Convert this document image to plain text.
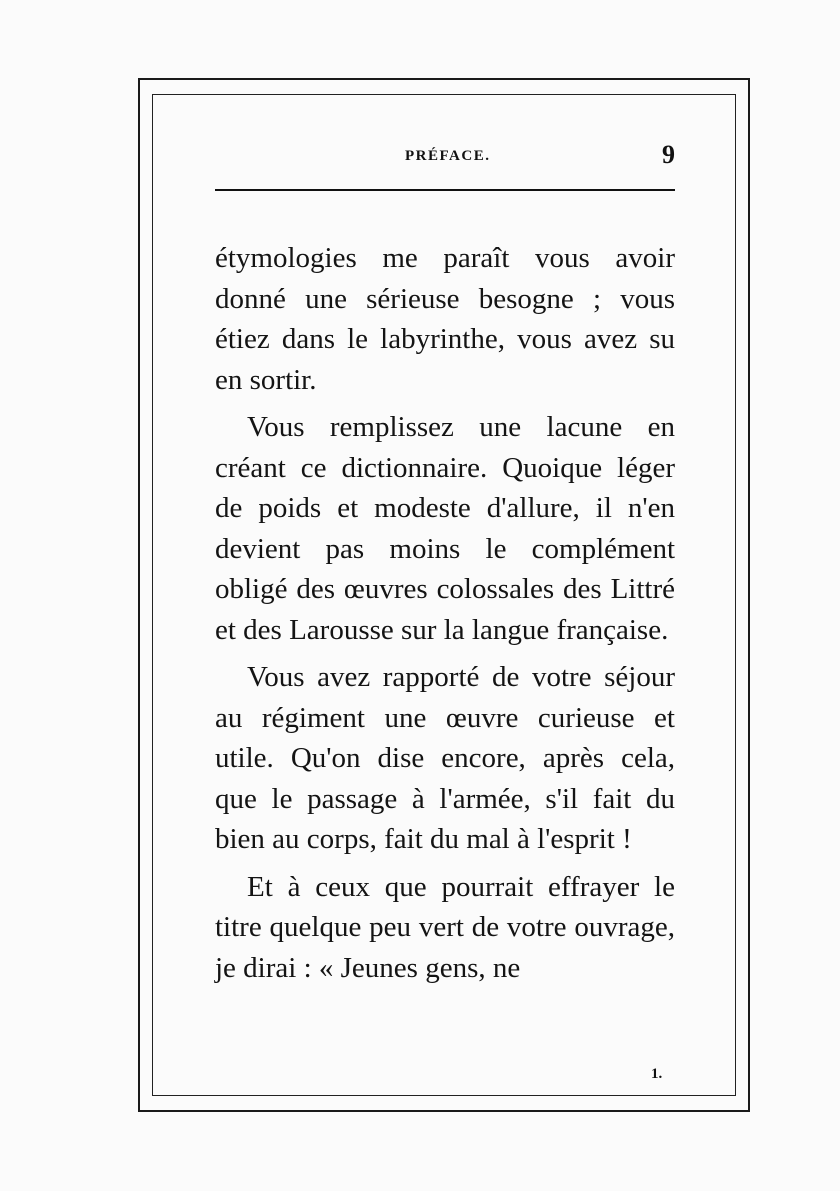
PRÉFACE.	9

étymologies me paraît vous avoir donné une sérieuse besogne ; vous étiez dans le labyrinthe, vous avez su en sortir.

Vous remplissez une lacune en créant ce dictionnaire. Quoique léger de poids et modeste d'allure, il n'en devient pas moins le complément obligé des œuvres colossales des Littré et des Larousse sur la langue française.

Vous avez rapporté de votre séjour au régiment une œuvre curieuse et utile. Qu'on dise encore, après cela, que le passage à l'armée, s'il fait du bien au corps, fait du mal à l'esprit !

Et à ceux que pourrait effrayer le titre quelque peu vert de votre ouvrage, je dirai : « Jeunes gens, ne

1.
